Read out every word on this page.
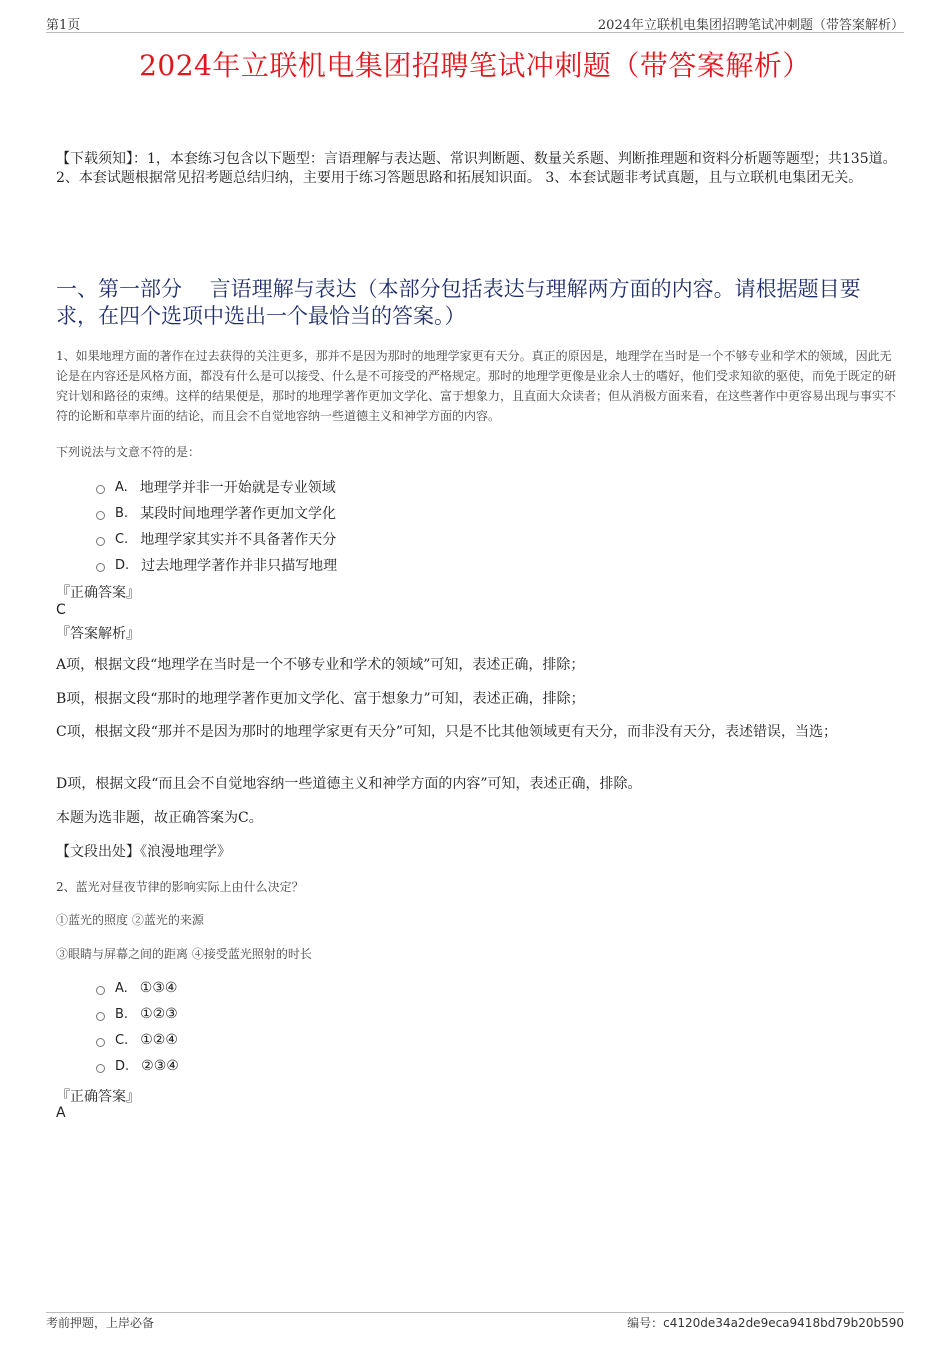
第1页	2024年立联机电集团招聘笔试冲刺题（带答案解析）
2024年立联机电集团招聘笔试冲刺题（带答案解析）
【下载须知】：1，本套练习包含以下题型：言语理解与表达题、常识判断题、数量关系题、判断推理题和资料分析题等题型；共135道。 2、本套试题根据常见招考题总结归纳，主要用于练习答题思路和拓展知识面。 3、本套试题非考试真题，且与立联机电集团无关。
一、第一部分　 言语理解与表达（本部分包括表达与理解两方面的内容。请根据题目要求，在四个选项中选出一个最恰当的答案。）
1、如果地理方面的著作在过去获得的关注更多，那并不是因为那时的地理学家更有天分。真正的原因是，地理学在当时是一个不够专业和学术的领域，因此无论是在内容还是风格方面，都没有什么是可以接受、什么是不可接受的严格规定。那时的地理学更像是业余人士的嗜好，他们受求知欲的驱使，而免于既定的研究计划和路径的束缚。这样的结果便是，那时的地理学著作更加文学化、富于想象力，且直面大众读者；但从消极方面来看，在这些著作中更容易出现与事实不符的论断和草率片面的结论，而且会不自觉地容纳一些道德主义和神学方面的内容。
下列说法与文意不符的是：
A. 地理学并非一开始就是专业领域
B. 某段时间地理学著作更加文学化
C. 地理学家其实并不具备著作天分
D. 过去地理学著作并非只描写地理
『正确答案』
C
『答案解析』
A项，根据文段“地理学在当时是一个不够专业和学术的领域”可知，表述正确，排除；
B项，根据文段“那时的地理学著作更加文学化、富于想象力”可知，表述正确，排除；
C项，根据文段“那并不是因为那时的地理学家更有天分”可知，只是不比其他领域更有天分，而非没有天分，表述错误，当选；
D项，根据文段“而且会不自觉地容纳一些道德主义和神学方面的内容”可知，表述正确，排除。
本题为选非题，故正确答案为C。
【文段出处】《浪漫地理学》
2、蓝光对昼夜节律的影响实际上由什么决定？
①蓝光的照度 ②蓝光的来源
③眼睛与屏幕之间的距离 ④接受蓝光照射的时长
A. ①③④
B. ①②③
C. ①②④
D. ②③④
『正确答案』
A
考前押题，上岸必备	编号：c4120de34a2de9eca9418bd79b20b590
